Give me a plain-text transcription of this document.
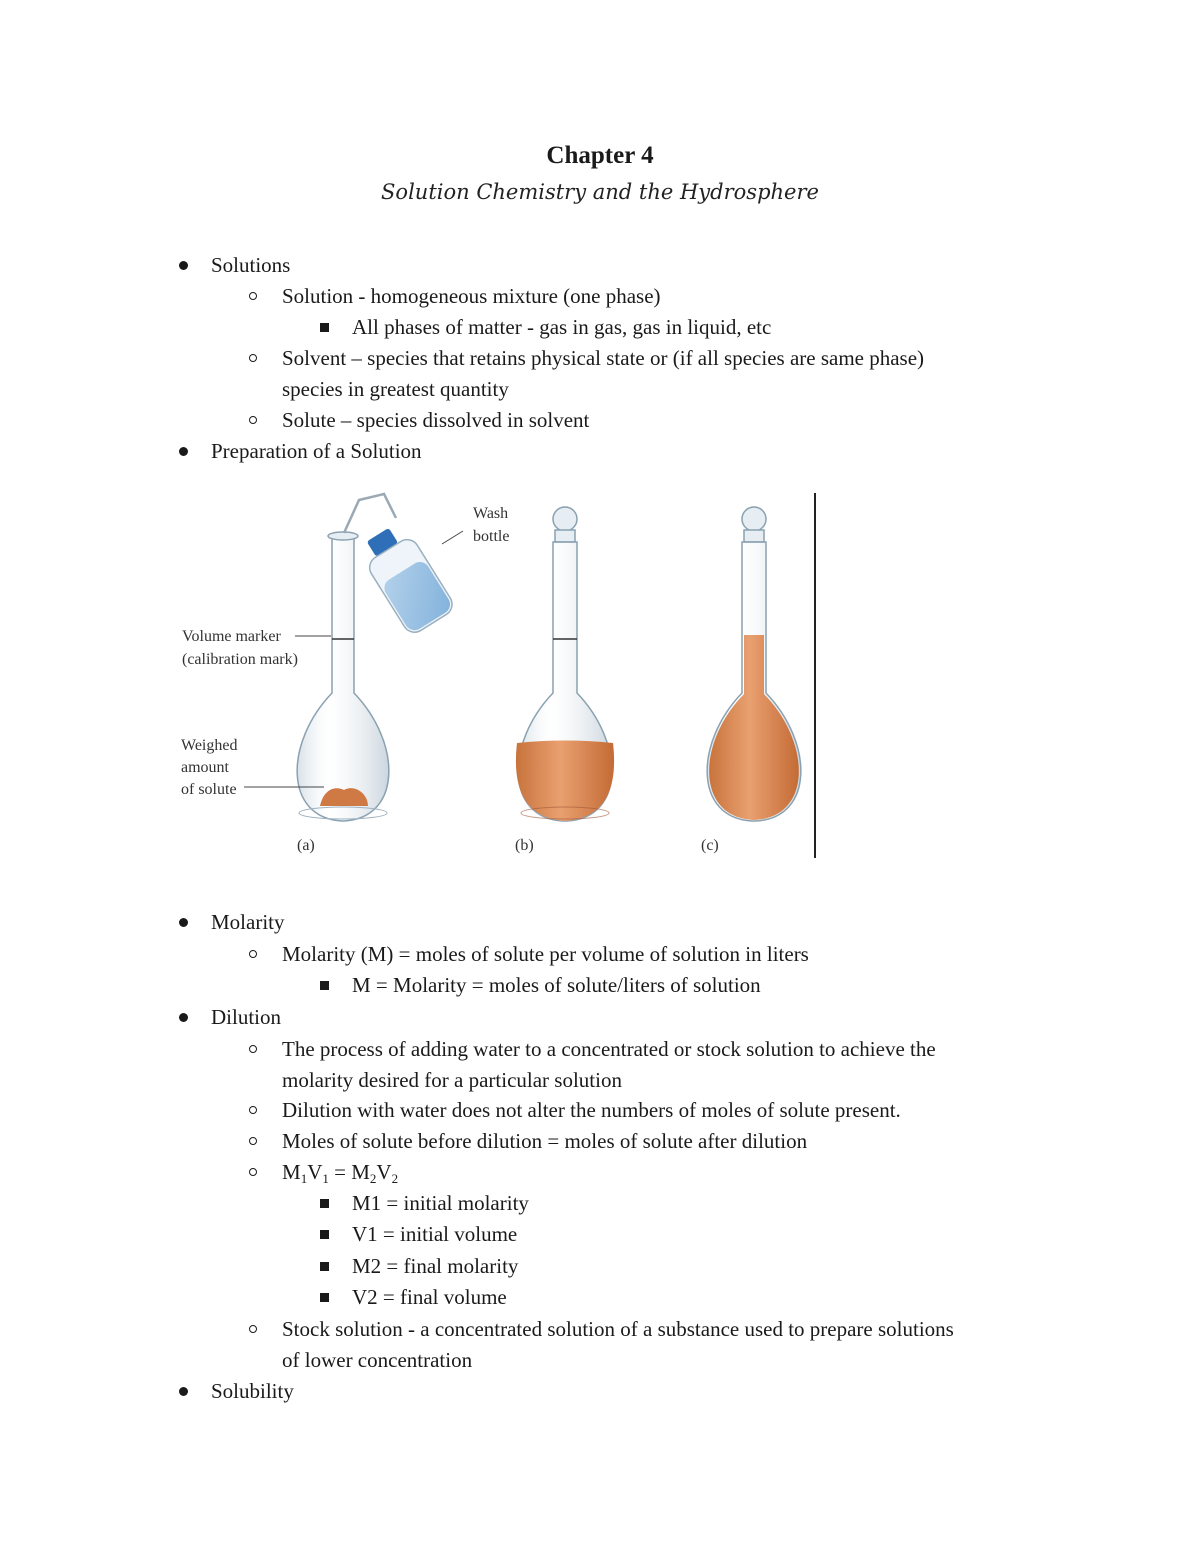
Chapter 4
Solution Chemistry and the Hydrosphere
Solutions
Solution - homogeneous mixture (one phase)
All phases of matter - gas in gas, gas in liquid, etc
Solvent – species that retains physical state or (if all species are same phase)
species in greatest quantity
Solute – species dissolved in solvent
Preparation of a Solution
Wash
bottle
Volume marker
(calibration mark)
Weighed
amount
of solute
(a)	(b)	(c)
Molarity
Molarity (M) = moles of solute per volume of solution in liters
M = Molarity = moles of solute/liters of solution
Dilution
The process of adding water to a concentrated or stock solution to achieve the
molarity desired for a particular solution
Dilution with water does not alter the numbers of moles of solute present.
Moles of solute before dilution = moles of solute after dilution
$M_1V_1 = M_2V_2$
M1 = initial molarity
V1 = initial volume
M2 = final molarity
V2 = final volume
Stock solution - a concentrated solution of a substance used to prepare solutions
of lower concentration
Solubility
